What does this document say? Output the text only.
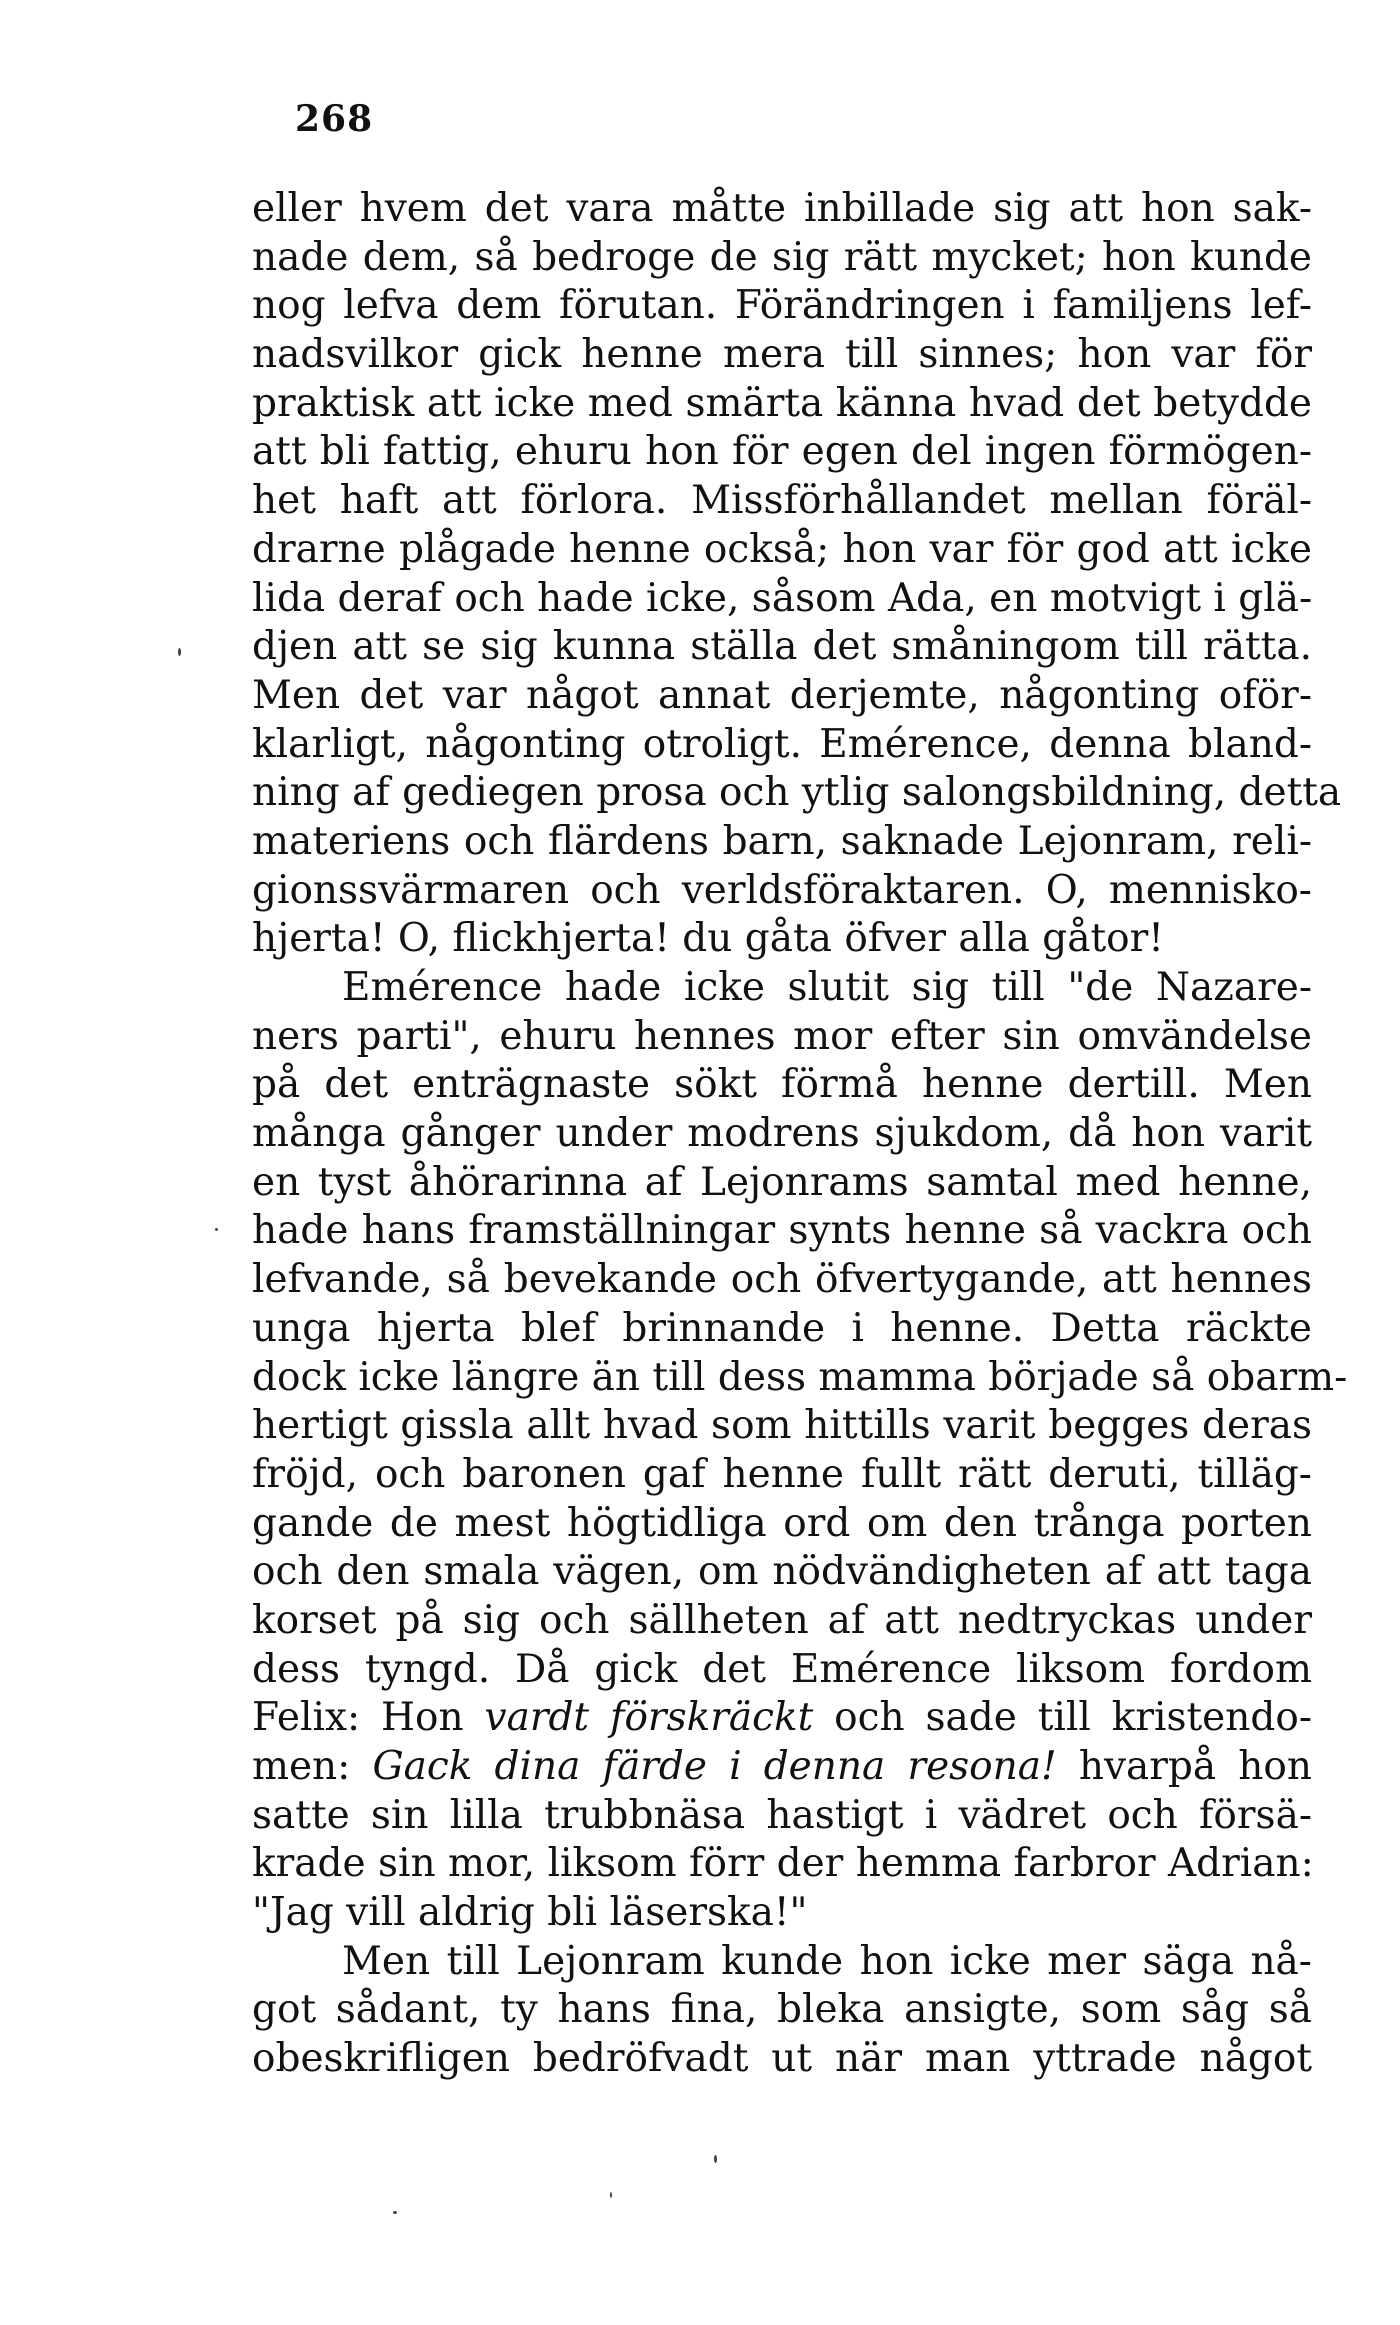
268
eller hvem det vara måtte inbillade sig att hon sak-
nade dem, så bedroge de sig rätt mycket; hon kunde
nog lefva dem förutan. Förändringen i familjens lef-
nadsvilkor gick henne mera till sinnes; hon var för
praktisk att icke med smärta känna hvad det betydde
att bli fattig, ehuru hon för egen del ingen förmögen-
het haft att förlora. Missförhållandet mellan föräl-
drarne plågade henne också; hon var för god att icke
lida deraf och hade icke, såsom Ada, en motvigt i glä-
djen att se sig kunna ställa det småningom till rätta.
Men det var något annat derjemte, någonting oför-
klarligt, någonting otroligt. Emérence, denna bland-
ning af gediegen prosa och ytlig salongsbildning, detta
materiens och flärdens barn, saknade Lejonram, reli-
gionssvärmaren och verldsföraktaren. O, mennisko-
hjerta! O, flickhjerta! du gåta öfver alla gåtor!
Emérence hade icke slutit sig till "de Nazare-
ners parti", ehuru hennes mor efter sin omvändelse
på det enträgnaste sökt förmå henne dertill. Men
många gånger under modrens sjukdom, då hon varit
en tyst åhörarinna af Lejonrams samtal med henne,
hade hans framställningar synts henne så vackra och
lefvande, så bevekande och öfvertygande, att hennes
unga hjerta blef brinnande i henne. Detta räckte
dock icke längre än till dess mamma började så obarm-
hertigt gissla allt hvad som hittills varit begges deras
fröjd, och baronen gaf henne fullt rätt deruti, tilläg-
gande de mest högtidliga ord om den trånga porten
och den smala vägen, om nödvändigheten af att taga
korset på sig och sällheten af att nedtryckas under
dess tyngd. Då gick det Emérence liksom fordom
Felix: Hon vardt förskräckt och sade till kristendo-
men: Gack dina färde i denna resona! hvarpå hon
satte sin lilla trubbnäsa hastigt i vädret och försä-
krade sin mor, liksom förr der hemma farbror Adrian:
"Jag vill aldrig bli läserska!"
Men till Lejonram kunde hon icke mer säga nå-
got sådant, ty hans fina, bleka ansigte, som såg så
obeskrifligen bedröfvadt ut när man yttrade något
